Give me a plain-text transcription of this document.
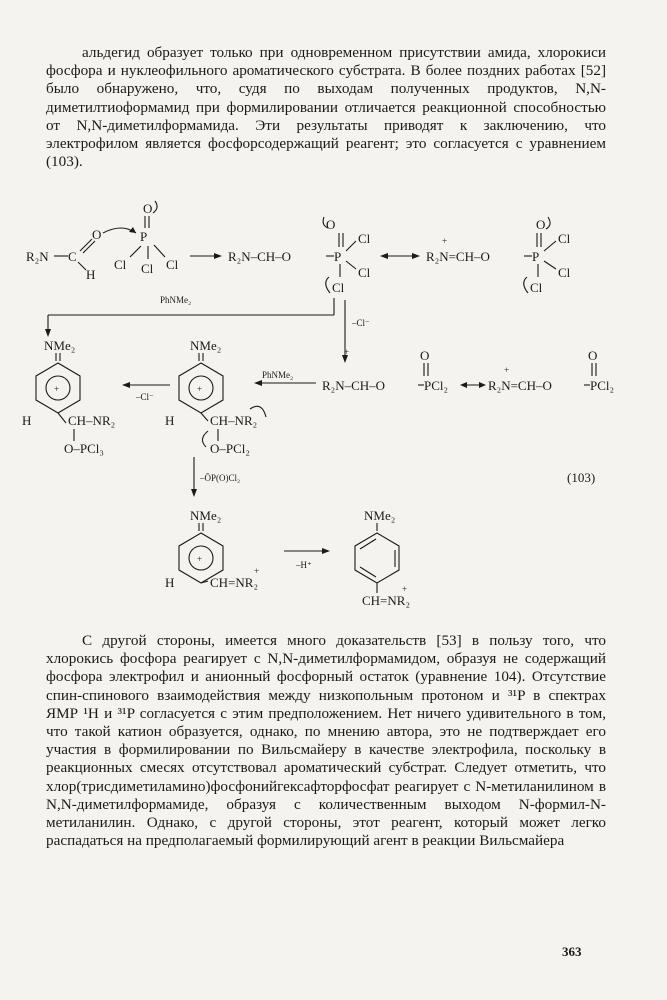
альдегид образует только при одновременном присутствии амида, хлорокиси фосфора и нуклеофильного ароматического субстрата. В более поздних работах [52] было обнаружено, что, судя по выходам полученных продуктов, N,N-диметилтиоформамид при формилировании отличается реакционной способностью от N,N-диметилформамида. Эти результаты приводят к заключению, что электрофилом является фосфорсодержащий реагент; это согласуется с уравнением (103).

R₂N C
O
H
O
P
Cl Cl Cl
R₂N–CH–O	P
O
Cl
Cl
Cl
+
R₂N=CH–O	P
O
Cl
Cl
Cl
PhNMe₂
–Cl⁻
NMe₂
+
H	CH–NR₂
O–PCl₃
–Cl⁻
NMe₂
+
H	CH–NR₂
O–PCl₂
PhNMe₂
R₂N–CH–O
+
PCl₂
O
+
R₂N=CH–O	PCl₂
O
–ŌP(O)Cl₂	(103)
NMe₂
+
H	CH=NR₂
+
–H⁺
NMe₂
CH=NR₂
+

С другой стороны, имеется много доказательств [53] в пользу того, что хлорокись фосфора реагирует с N,N-диметилформамидом, образуя не содержащий фосфора электрофил и анионный фосфорный остаток (уравнение 104). Отсутствие спин-спинового взаимодействия между низкопольным протоном и ³¹P в спектрах ЯМР ¹H и ³¹P согласуется с этим предположением. Нет ничего удивительного в том, что такой катион образуется, однако, по мнению автора, это не подтверждает его участия в формилировании по Вильсмайеру в качестве электрофила, поскольку в реакционных смесях отсутствовал ароматический субстрат. Следует отметить, что хлор(трисдиметиламино)фосфонийгексафторфосфат реагирует с N-метиланилином в N,N-диметилформамиде, образуя с количественным выходом N-формил-N-метиланилин. Однако, с другой стороны, этот реагент, который может легко распадаться на предполагаемый формилирующий агент в реакции Вильсмайера

363
